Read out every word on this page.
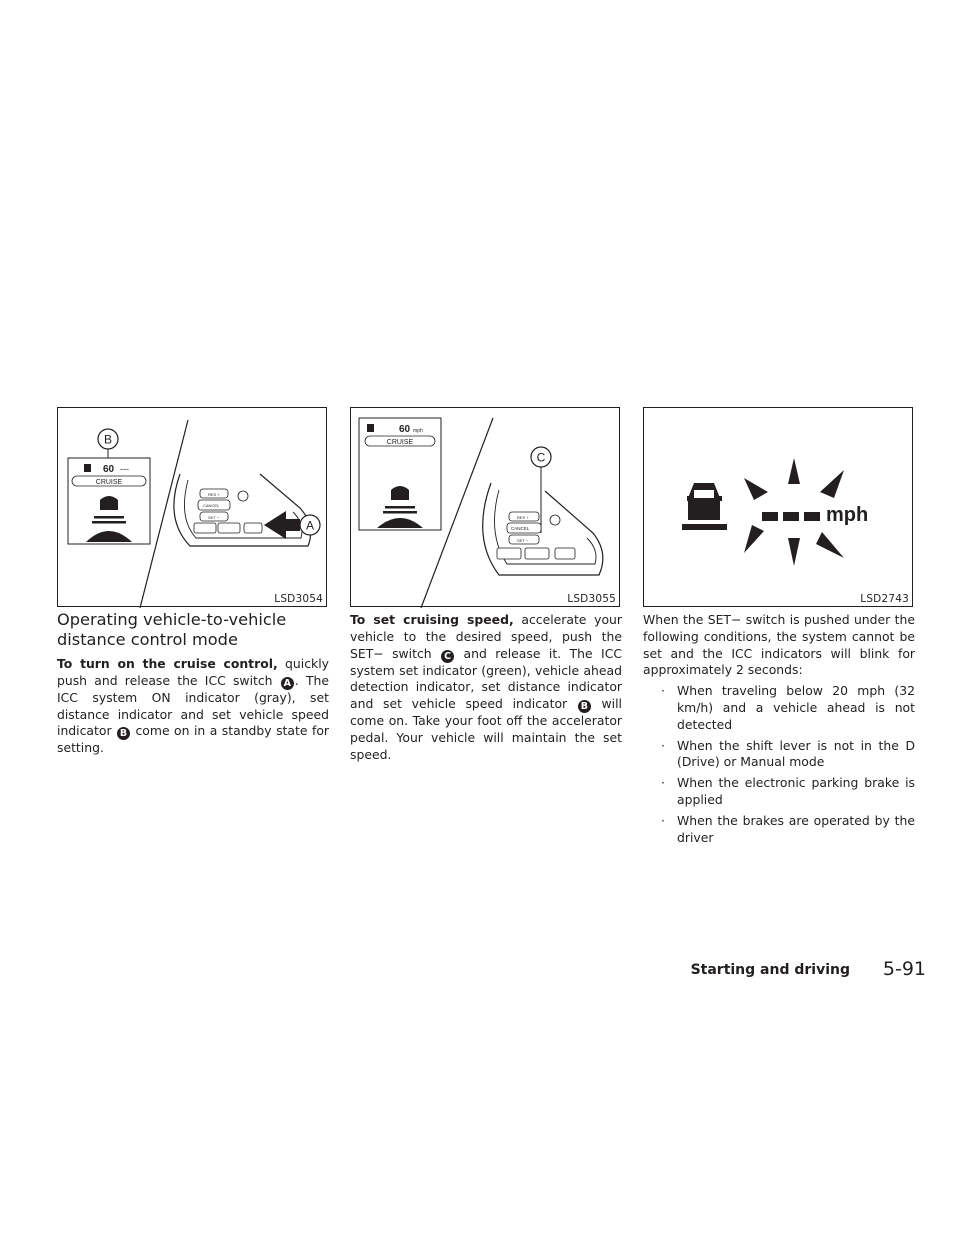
B
60 ---
CRUISE
RES +
CANCEL
SET −
A
LSD3054
60 mph
CRUISE
C
RES +
CANCEL
SET −
LSD3055
mph
LSD2743
Operating vehicle-to-vehicle distance control mode

To turn on the cruise control, quickly push and release the ICC switch A . The ICC system ON indicator (gray), set distance indicator and set vehicle speed indicator B come on in a standby state for setting.

To set cruising speed, accelerate your vehicle to the desired speed, push the SET− switch C and release it. The ICC system set indicator (green), vehicle ahead detection indicator, set distance indicator and set vehicle speed indicator B will come on. Take your foot off the accelerator pedal. Your vehicle will maintain the set speed.

When the SET− switch is pushed under the following conditions, the system cannot be set and the ICC indicators will blink for approximately 2 seconds:

· When traveling below 20 mph (32 km/h) and a vehicle ahead is not detected
· When the shift lever is not in the D (Drive) or Manual mode
· When the electronic parking brake is applied
· When the brakes are operated by the driver
Starting and driving 5-91
